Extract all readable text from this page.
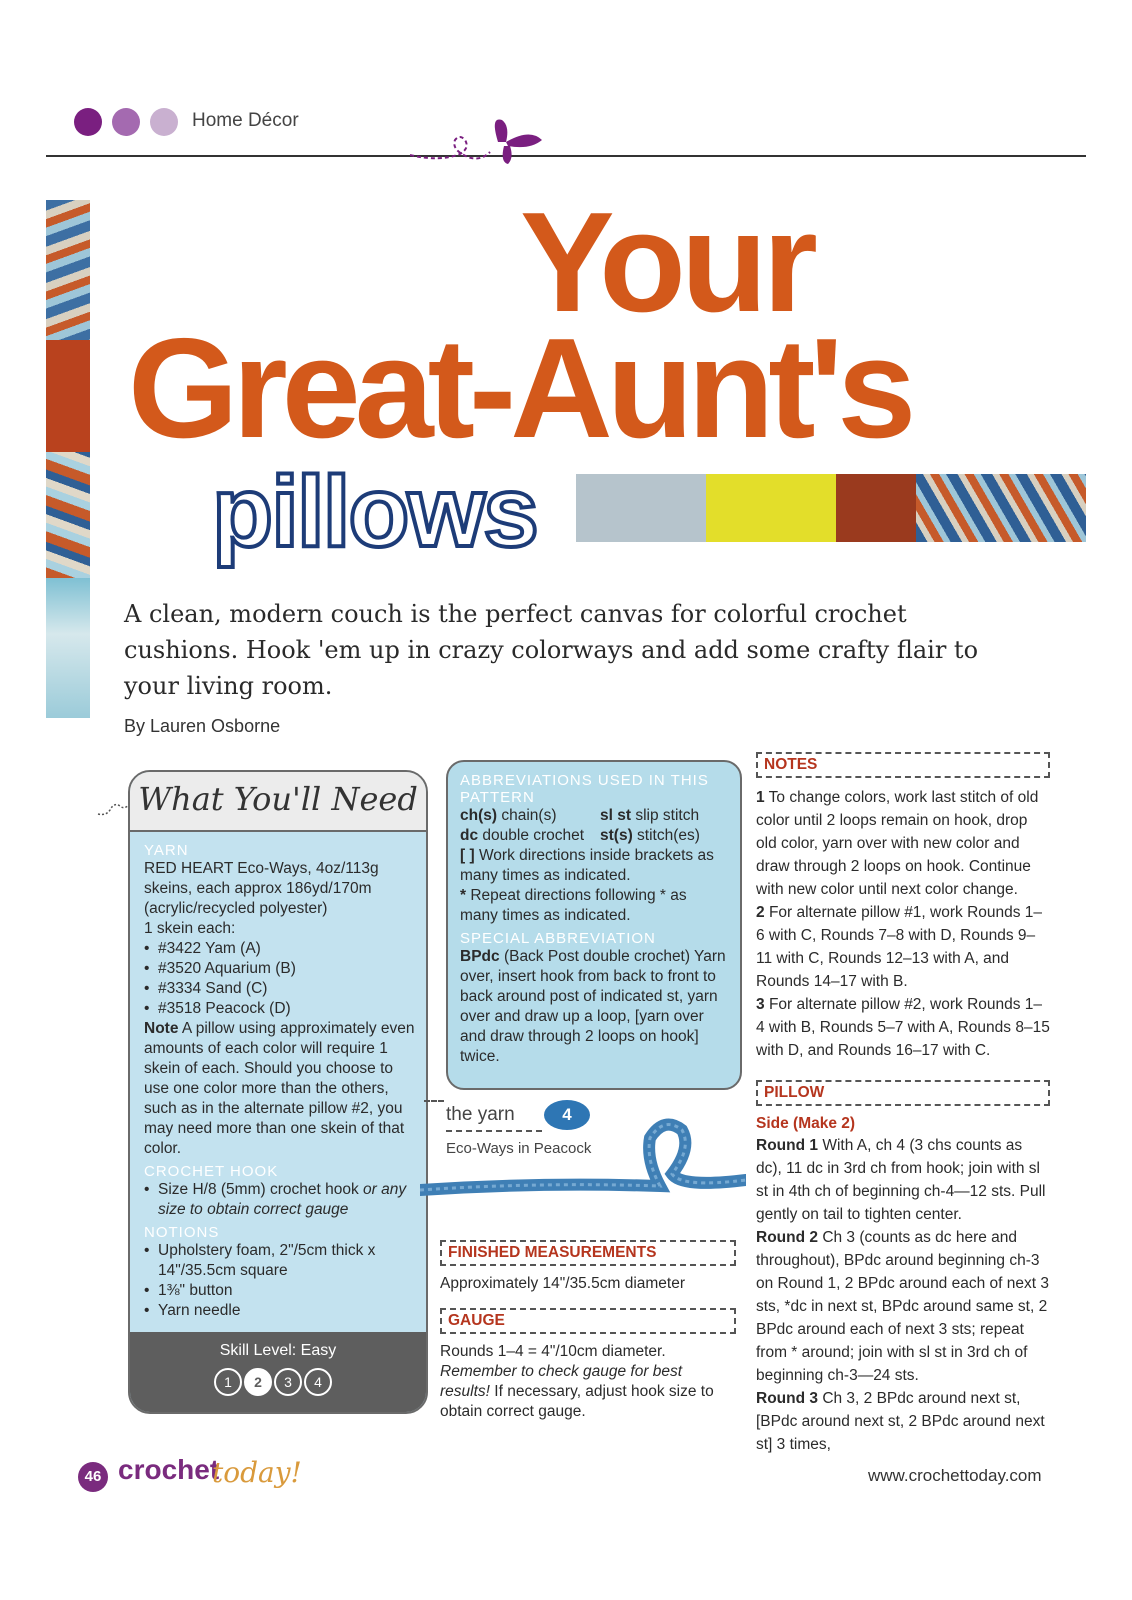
Home Décor
Your
Great-Aunt's
pillows
A clean, modern couch is the perfect canvas for colorful crochet cushions. Hook 'em up in crazy colorways and add some crafty flair to your living room.
By Lauren Osborne
What You'll Need
YARN
RED HEART Eco-Ways, 4oz/113g skeins, each approx 186yd/170m (acrylic/recycled polyester)
1 skein each:
• #3422 Yam (A)
• #3520 Aquarium (B)
• #3334 Sand (C)
• #3518 Peacock (D)
Note A pillow using approximately even amounts of each color will require 1 skein of each. Should you choose to use one color more than the others, such as in the alternate pillow #2, you may need more than one skein of that color.
CROCHET HOOK
• Size H/8 (5mm) crochet hook or any size to obtain correct gauge
NOTIONS
• Upholstery foam, 2"/5cm thick x 14"/35.5cm square
• 1⅜" button
• Yarn needle
Skill Level: Easy
1	2	3	4
ABBREVIATIONS USED IN THIS PATTERN
ch(s) chain(s)	sl st slip stitch
dc double crochet	st(s) stitch(es)
[ ] Work directions inside brackets as many times as indicated.
* Repeat directions following * as many times as indicated.
SPECIAL ABBREVIATION
BPdc (Back Post double crochet) Yarn over, insert hook from back to front to back around post of indicated st, yarn over and draw up a loop, [yarn over and draw through 2 loops on hook] twice.
the yarn	4
Eco-Ways in Peacock
FINISHED MEASUREMENTS
Approximately 14"/35.5cm diameter
GAUGE
Rounds 1–4 = 4"/10cm diameter. Remember to check gauge for best results! If necessary, adjust hook size to obtain correct gauge.
NOTES
1 To change colors, work last stitch of old color until 2 loops remain on hook, drop old color, yarn over with new color and draw through 2 loops on hook. Continue with new color until next color change.
2 For alternate pillow #1, work Rounds 1–6 with C, Rounds 7–8 with D, Rounds 9–11 with C, Rounds 12–13 with A, and Rounds 14–17 with B.
3 For alternate pillow #2, work Rounds 1–4 with B, Rounds 5–7 with A, Rounds 8–15 with D, and Rounds 16–17 with C.
PILLOW
Side (Make 2)
Round 1 With A, ch 4 (3 chs counts as dc), 11 dc in 3rd ch from hook; join with sl st in 4th ch of beginning ch-4—12 sts. Pull gently on tail to tighten center.
Round 2 Ch 3 (counts as dc here and throughout), BPdc around beginning ch-3 on Round 1, 2 BPdc around each of next 3 sts, *dc in next st, BPdc around same st, 2 BPdc around each of next 3 sts; repeat from * around; join with sl st in 3rd ch of beginning ch-3—24 sts.
Round 3 Ch 3, 2 BPdc around next st, [BPdc around next st, 2 BPdc around next st] 3 times,
46 crochet
today!	www.crochettoday.com
